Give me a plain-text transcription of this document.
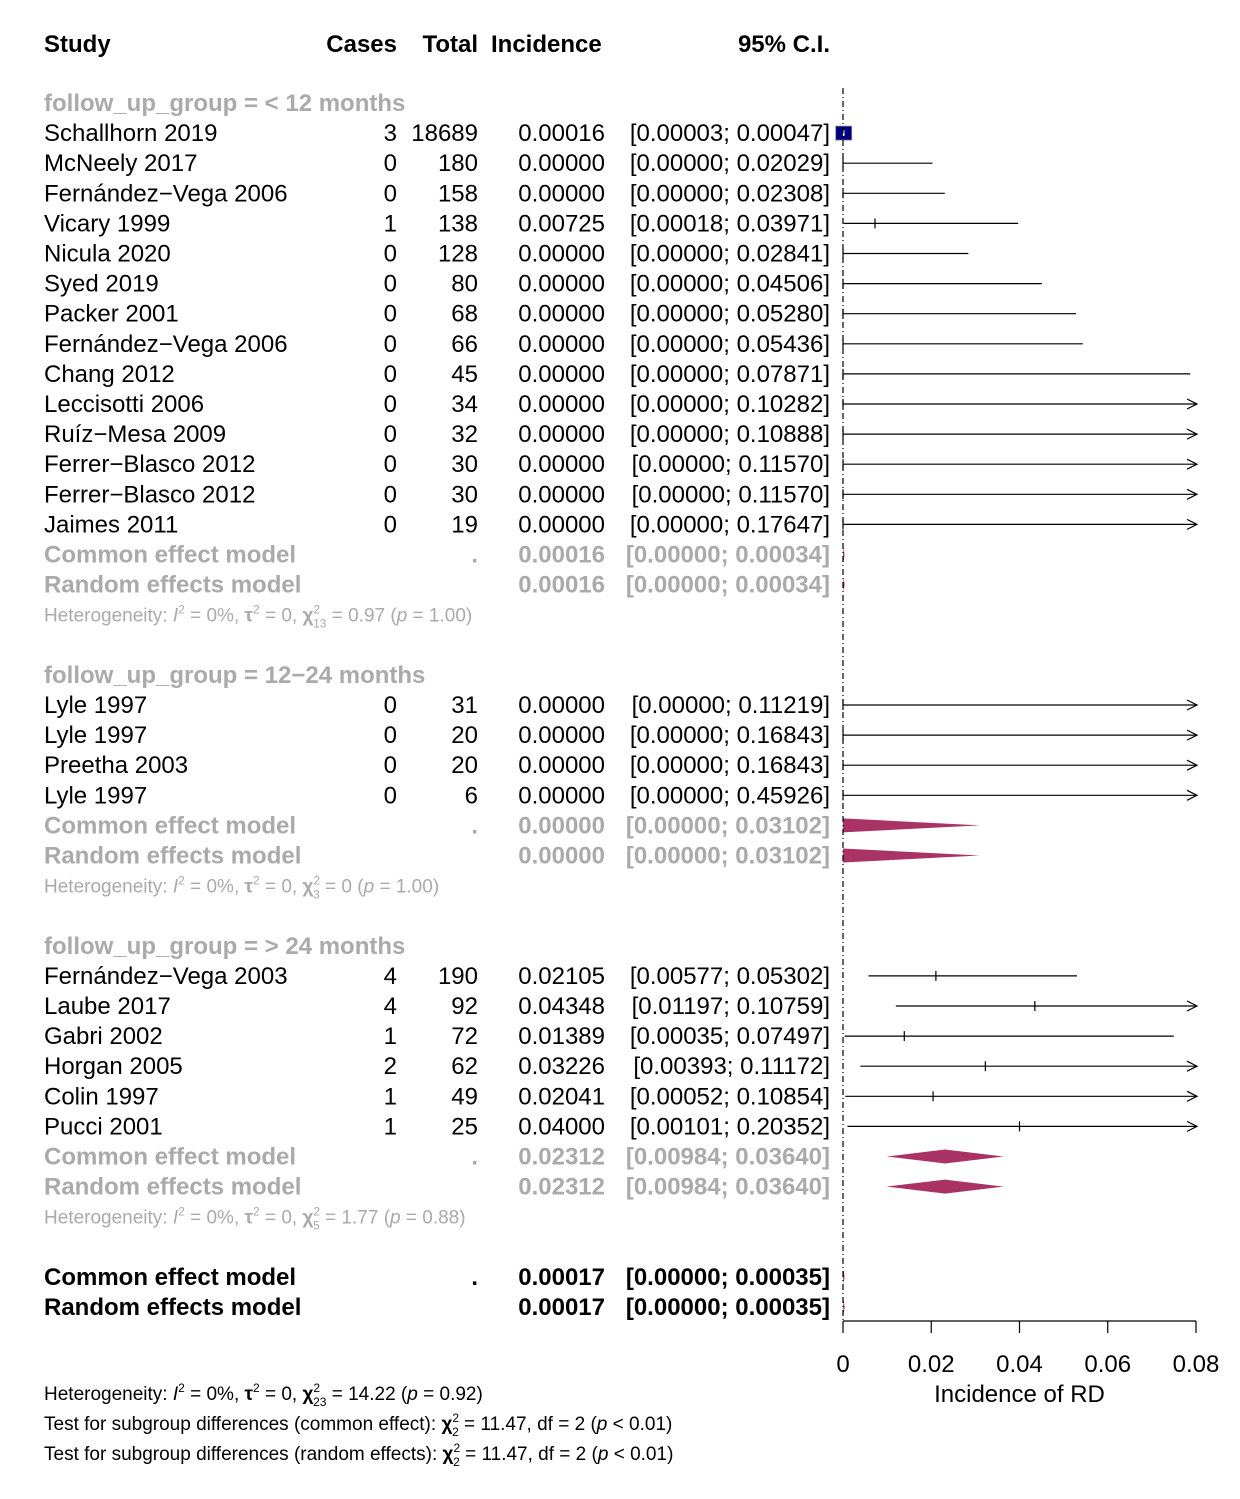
Study	Cases Total Incidence	95% C.I.
follow_up_group = < 12 months
Schallhorn 2019	3 18689 0.00016 [0.00003; 0.00047]
McNeely 2017	0 180 0.00000 [0.00000; 0.02029]
Fernández−Vega 2006	0 158 0.00000 [0.00000; 0.02308]
Vicary 1999	1 138 0.00725 [0.00018; 0.03971]
Nicula 2020	0 128 0.00000 [0.00000; 0.02841]
Syed 2019	0 80 0.00000 [0.00000; 0.04506]
Packer 2001	0 68 0.00000 [0.00000; 0.05280]
Fernández−Vega 2006	0 66 0.00000 [0.00000; 0.05436]
Chang 2012	0 45 0.00000 [0.00000; 0.07871]
Leccisotti 2006	0 34 0.00000 [0.00000; 0.10282]
Ruíz−Mesa 2009	0 32 0.00000 [0.00000; 0.10888]
Ferrer−Blasco 2012	0 30 0.00000 [0.00000; 0.11570]
Ferrer−Blasco 2012	0 30 0.00000 [0.00000; 0.11570]
Jaimes 2011	0 19 0.00000 [0.00000; 0.17647]
Common effect model	. 0.00016 [0.00000; 0.00034]
Random effects model	0.00016 [0.00000; 0.00034]
Heterogeneity: $I^2 = 0\%$, $\tau^2 = 0$, $\chi^2$ 13 = 0.97 (p = 1.00)
follow_up_group = 12−24 months
Lyle 1997	0 31 0.00000 [0.00000; 0.11219]
Lyle 1997	0 20 0.00000 [0.00000; 0.16843]
Preetha 2003	0 20 0.00000 [0.00000; 0.16843]
Lyle 1997	0	6 0.00000 [0.00000; 0.45926]
Common effect model	. 0.00000 [0.00000; 0.03102]
Random effects model	0.00000 [0.00000; 0.03102]
Heterogeneity: $I^2 = 0\%$, $\tau^2 = 0$, $\chi^2$ 3 = 0 (p = 1.00)
follow_up_group = > 24 months
Fernández−Vega 2003	4 190 0.02105 [0.00577; 0.05302]
Laube 2017	4 92 0.04348 [0.01197; 0.10759]
Gabri 2002	1 72 0.01389 [0.00035; 0.07497]
Horgan 2005	2 62 0.03226 [0.00393; 0.11172]
Colin 1997	1 49 0.02041 [0.00052; 0.10854]
Pucci 2001	1 25 0.04000 [0.00101; 0.20352]
Common effect model	. 0.02312 [0.00984; 0.03640]
Random effects model	0.02312 [0.00984; 0.03640]
Heterogeneity: $I^2 = 0\%$, $\tau^2 = 0$, $\chi^2$ 5 = 1.77 (p = 0.88)
Common effect model	. 0.00017 [0.00000; 0.00035]
Random effects model	0.00017 [0.00000; 0.00035]
0 0.02 0.04 0.06 0.08
Incidence of RD
Heterogeneity: $I^2 = 0\%$, $\tau^2 = 0$, $\chi^2$ 23 = 14.22 (p = 0.92)
Test for subgroup differences (common effect): $\chi^2$ 2 = 11.47, df = 2 (p < 0.01)
Test for subgroup differences (random effects): $\chi^2$ 2 = 11.47, df = 2 (p < 0.01)
